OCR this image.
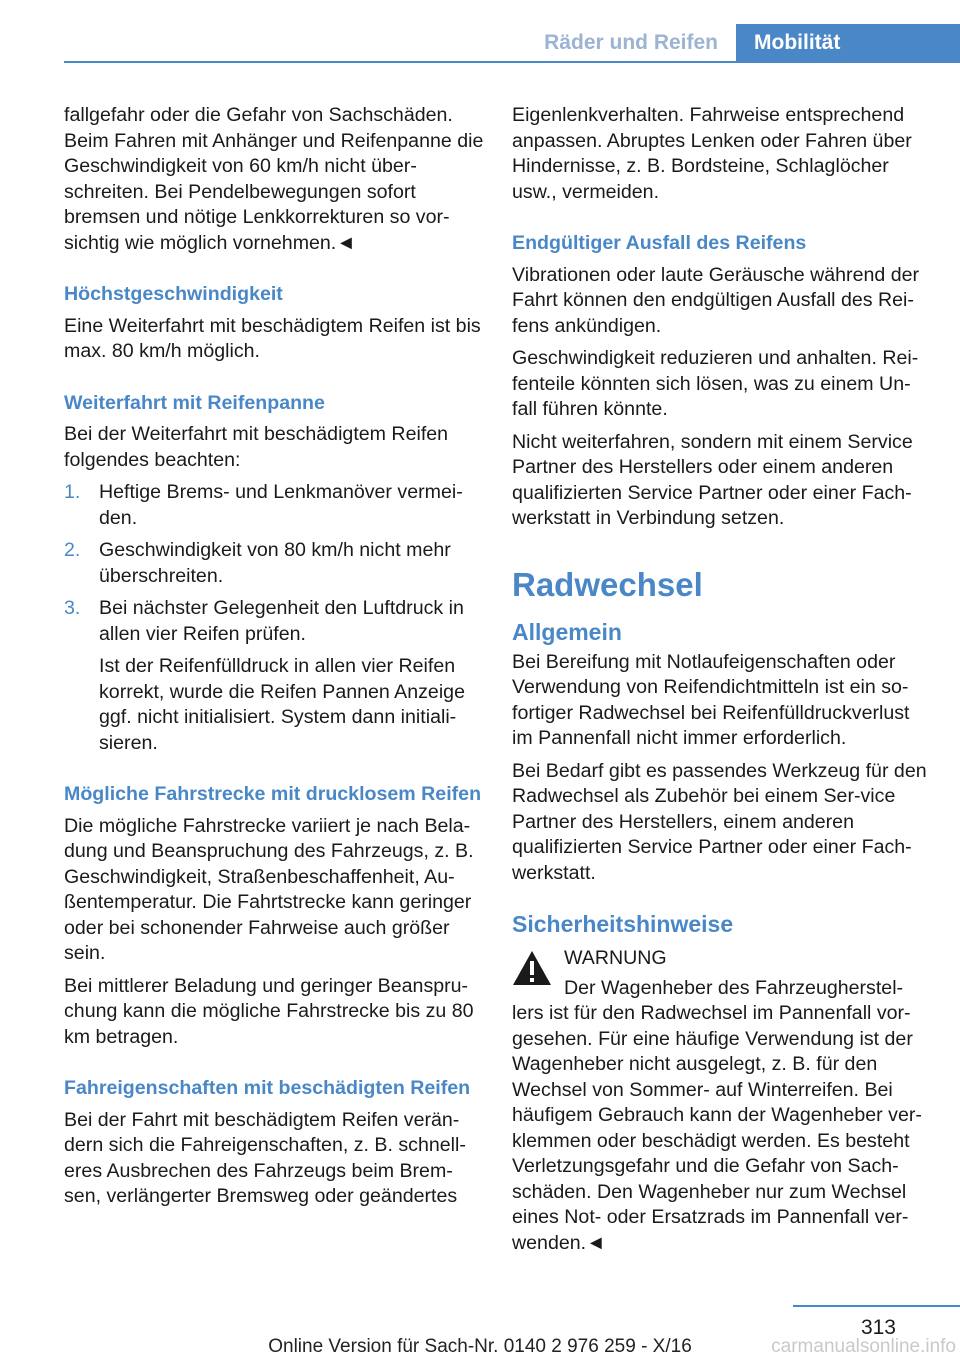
Räder und Reifen	Mobilität

fallgefahr oder die Gefahr von Sachschäden. Beim Fahren mit Anhänger und Reifenpanne die Geschwindigkeit von 60 km/h nicht über-schreiten. Bei Pendelbewegungen sofort bremsen und nötige Lenkkorrekturen so vor-sichtig wie möglich vornehmen.◄

Höchstgeschwindigkeit

Eine Weiterfahrt mit beschädigtem Reifen ist bis max. 80 km/h möglich.

Weiterfahrt mit Reifenpanne

Bei der Weiterfahrt mit beschädigtem Reifen folgendes beachten:

1. Heftige Brems- und Lenkmanöver vermei-den.
2. Geschwindigkeit von 80 km/h nicht mehr überschreiten.
3. Bei nächster Gelegenheit den Luftdruck in allen vier Reifen prüfen.
Ist der Reifenfülldruck in allen vier Reifen korrekt, wurde die Reifen Pannen Anzeige ggf. nicht initialisiert. System dann initiali-sieren.
Mögliche Fahrstrecke mit drucklosem Reifen

Die mögliche Fahrstrecke variiert je nach Bela-dung und Beanspruchung des Fahrzeugs, z. B. Geschwindigkeit, Straßenbeschaffenheit, Au-ßentemperatur. Die Fahrtstrecke kann geringer oder bei schonender Fahrweise auch größer sein.

Bei mittlerer Beladung und geringer Beanspru-chung kann die mögliche Fahrstrecke bis zu 80 km betragen.

Fahreigenschaften mit beschädigten Reifen

Bei der Fahrt mit beschädigtem Reifen verän-dern sich die Fahreigenschaften, z. B. schnell-eres Ausbrechen des Fahrzeugs beim Brem-sen, verlängerter Bremsweg oder geändertes

Eigenlenkverhalten. Fahrweise entsprechend anpassen. Abruptes Lenken oder Fahren über Hindernisse, z. B. Bordsteine, Schlaglöcher usw., vermeiden.

Endgültiger Ausfall des Reifens

Vibrationen oder laute Geräusche während der Fahrt können den endgültigen Ausfall des Rei-fens ankündigen.

Geschwindigkeit reduzieren und anhalten. Rei-fenteile könnten sich lösen, was zu einem Un-fall führen könnte.

Nicht weiterfahren, sondern mit einem Service Partner des Herstellers oder einem anderen qualifizierten Service Partner oder einer Fach-werkstatt in Verbindung setzen.

Radwechsel
Allgemein

Bei Bereifung mit Notlaufeigenschaften oder Verwendung von Reifendichtmitteln ist ein so-fortiger Radwechsel bei Reifenfülldruckverlust im Pannenfall nicht immer erforderlich.

Bei Bedarf gibt es passendes Werkzeug für den Radwechsel als Zubehör bei einem Ser-vice Partner des Herstellers, einem anderen qualifizierten Service Partner oder einer Fach-werkstatt.

Sicherheitshinweise
WARNUNG
Der Wagenheber des Fahrzeugherstel-
lers ist für den Radwechsel im Pannenfall vor-gesehen. Für eine häufige Verwendung ist der Wagenheber nicht ausgelegt, z. B. für den Wechsel von Sommer- auf Winterreifen. Bei häufigem Gebrauch kann der Wagenheber ver-klemmen oder beschädigt werden. Es besteht Verletzungsgefahr und die Gefahr von Sach-schäden. Den Wagenheber nur zum Wechsel eines Not- oder Ersatzrads im Pannenfall ver-wenden.◄
313
Online Version für Sach-Nr. 0140 2 976 259 - X/16	carmanualsonline.info
